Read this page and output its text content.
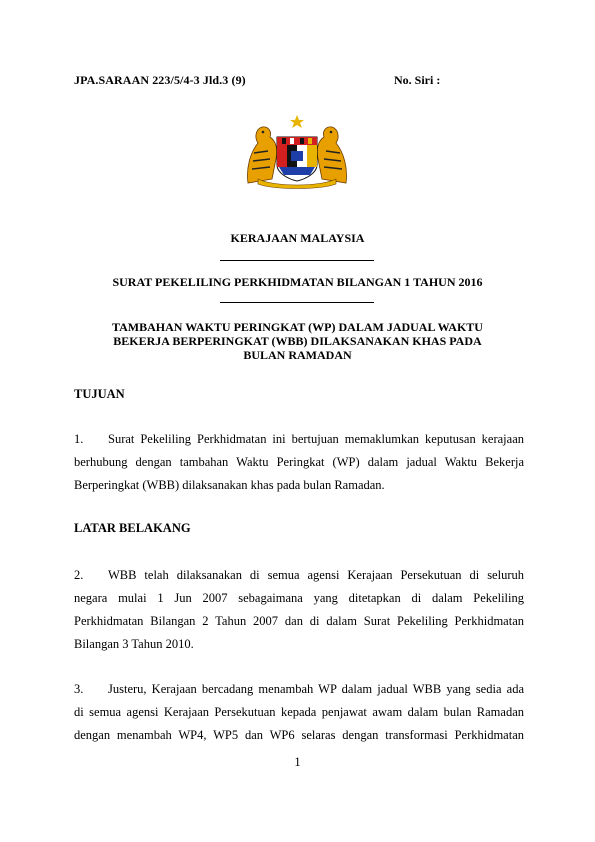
JPA.SARAAN 223/5/4-3 Jld.3 (9)	No. Siri :
KERAJAAN MALAYSIA
SURAT PEKELILING PERKHIDMATAN BILANGAN 1 TAHUN 2016
TAMBAHAN WAKTU PERINGKAT (WP) DALAM JADUAL WAKTU
BEKERJA BERPERINGKAT (WBB) DILAKSANAKAN KHAS PADA
BULAN RAMADAN
TUJUAN
1. Surat Pekeliling Perkhidmatan ini bertujuan memaklumkan keputusan kerajaan
berhubung dengan tambahan Waktu Peringkat (WP) dalam jadual Waktu Bekerja
Berperingkat (WBB) dilaksanakan khas pada bulan Ramadan.
LATAR BELAKANG
2. WBB telah dilaksanakan di semua agensi Kerajaan Persekutuan di seluruh
negara mulai 1 Jun 2007 sebagaimana yang ditetapkan di dalam Pekeliling
Perkhidmatan Bilangan 2 Tahun 2007 dan di dalam Surat Pekeliling Perkhidmatan
Bilangan 3 Tahun 2010.
3. Justeru, Kerajaan bercadang menambah WP dalam jadual WBB yang sedia ada
di semua agensi Kerajaan Persekutuan kepada penjawat awam dalam bulan Ramadan
dengan menambah WP4, WP5 dan WP6 selaras dengan transformasi Perkhidmatan
1
